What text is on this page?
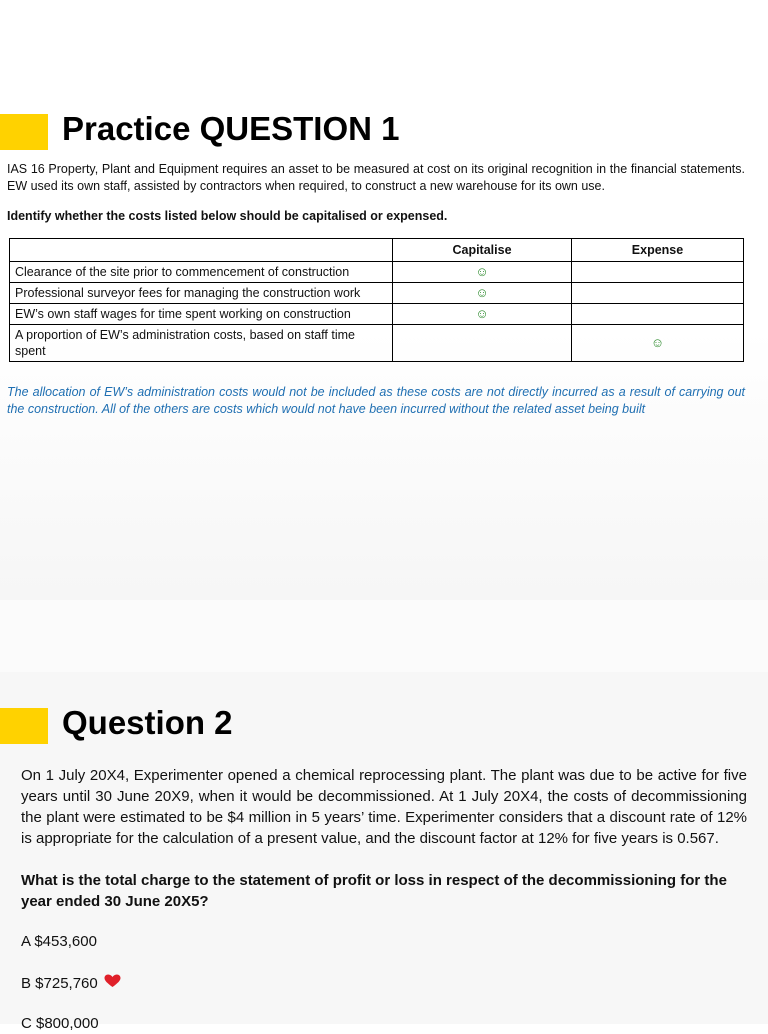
Practice QUESTION 1

IAS 16 Property, Plant and Equipment requires an asset to be measured at cost on its original recognition in the financial statements. EW used its own staff, assisted by contractors when required, to construct a new warehouse for its own use.

Identify whether the costs listed below should be capitalised or expensed.

	Capitalise	Expense
Clearance of the site prior to commencement of construction	☺	
Professional surveyor fees for managing the construction work	☺	
EW’s own staff wages for time spent working on construction	☺	
A proportion of EW’s administration costs, based on staff time spent		☺

The allocation of EW’s administration costs would not be included as these costs are not directly incurred as a result of carrying out the construction. All of the others are costs which would not have been incurred without the related asset being built

Question 2

On 1 July 20X4, Experimenter opened a chemical reprocessing plant. The plant was due to be active for five years until 30 June 20X9, when it would be decommissioned. At 1 July 20X4, the costs of decommissioning the plant were estimated to be $4 million in 5 years’ time. Experimenter considers that a discount rate of 12% is appropriate for the calculation of a present value, and the discount factor at 12% for five years is 0.567.

What is the total charge to the statement of profit or loss in respect of the decommissioning for the year ended 30 June 20X5?

A $453,600

B $725,760

C $800,000
